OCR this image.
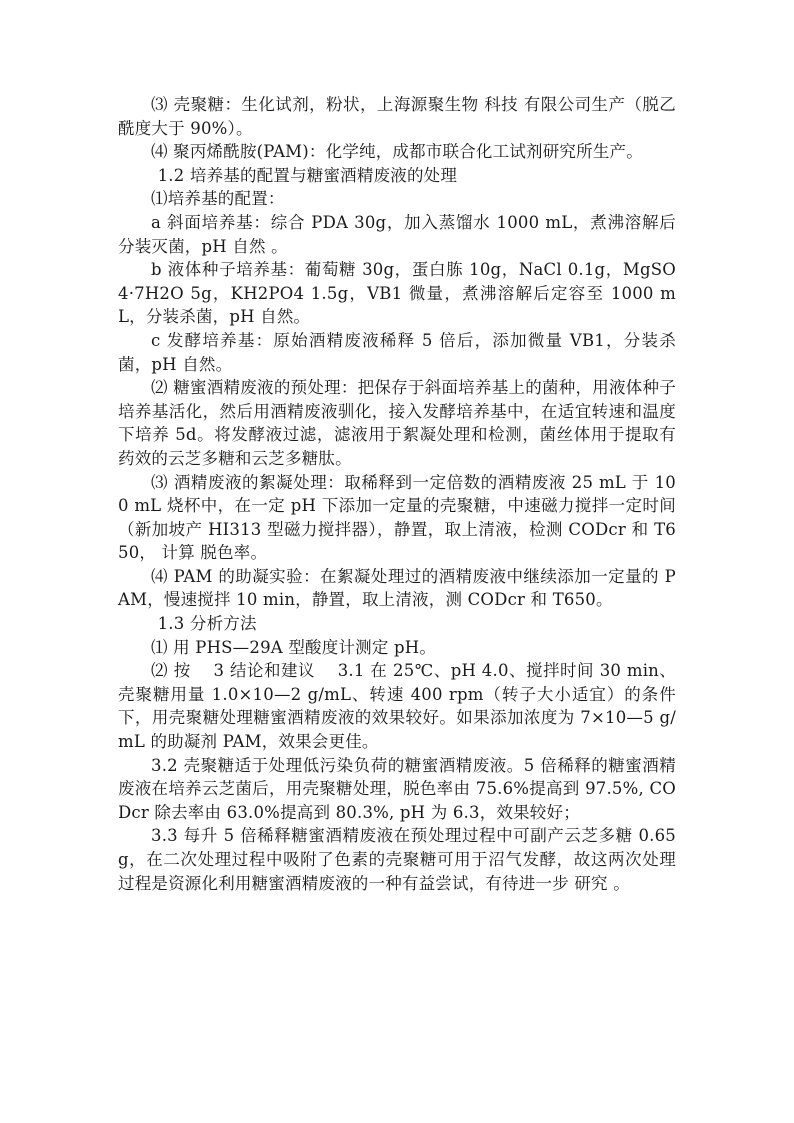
⑶ 壳聚糖：生化试剂，粉状，上海源聚生物 科技 有限公司生产（脱乙酰度大于 90%）。

⑷ 聚丙烯酰胺(PAM)：化学纯，成都市联合化工试剂研究所生产。

1.2 培养基的配置与糖蜜酒精废液的处理

⑴培养基的配置：

a 斜面培养基：综合 PDA 30g，加入蒸馏水 1000 mL，煮沸溶解后分装灭菌，pH 自然 。

b 液体种子培养基：葡萄糖 30g，蛋白胨 10g，NaCl 0.1g，MgSO4·7H2O 5g，KH2PO4 1.5g，VB1 微量，煮沸溶解后定容至 1000 mL，分装杀菌，pH 自然。

c 发酵培养基：原始酒精废液稀释 5 倍后，添加微量 VB1，分装杀菌，pH 自然。

⑵ 糖蜜酒精废液的预处理：把保存于斜面培养基上的菌种，用液体种子培养基活化，然后用酒精废液驯化，接入发酵培养基中，在适宜转速和温度下培养 5d。将发酵液过滤，滤液用于絮凝处理和检测，菌丝体用于提取有药效的云芝多糖和云芝多糖肽。

⑶ 酒精废液的絮凝处理：取稀释到一定倍数的酒精废液 25 mL 于 100 mL 烧杯中，在一定 pH 下添加一定量的壳聚糖，中速磁力搅拌一定时间（新加坡产 HI313 型磁力搅拌器），静置，取上清液，检测 CODcr 和 T650， 计算 脱色率。

⑷ PAM 的助凝实验：在絮凝处理过的酒精废液中继续添加一定量的 PAM，慢速搅拌 10 min，静置，取上清液，测 CODcr 和 T650。

1.3 分析方法

⑴ 用 PHS—29A 型酸度计测定 pH。

⑵ 按　 3 结论和建议　 3.1 在 25℃、pH 4.0、搅拌时间 30 min、壳聚糖用量 1.0×10—2 g/mL、转速 400 rpm（转子大小适宜）的条件下，用壳聚糖处理糖蜜酒精废液的效果较好。如果添加浓度为 7×10—5 g/mL 的助凝剂 PAM，效果会更佳。

3.2 壳聚糖适于处理低污染负荷的糖蜜酒精废液。5 倍稀释的糖蜜酒精废液在培养云芝菌后，用壳聚糖处理，脱色率由 75.6%提高到 97.5%, CODcr 除去率由 63.0%提高到 80.3%, pH 为 6.3，效果较好；

3.3 每升 5 倍稀释糖蜜酒精废液在预处理过程中可副产云芝多糖 0.65g，在二次处理过程中吸附了色素的壳聚糖可用于沼气发酵，故这两次处理过程是资源化利用糖蜜酒精废液的一种有益尝试，有待进一步 研究 。
